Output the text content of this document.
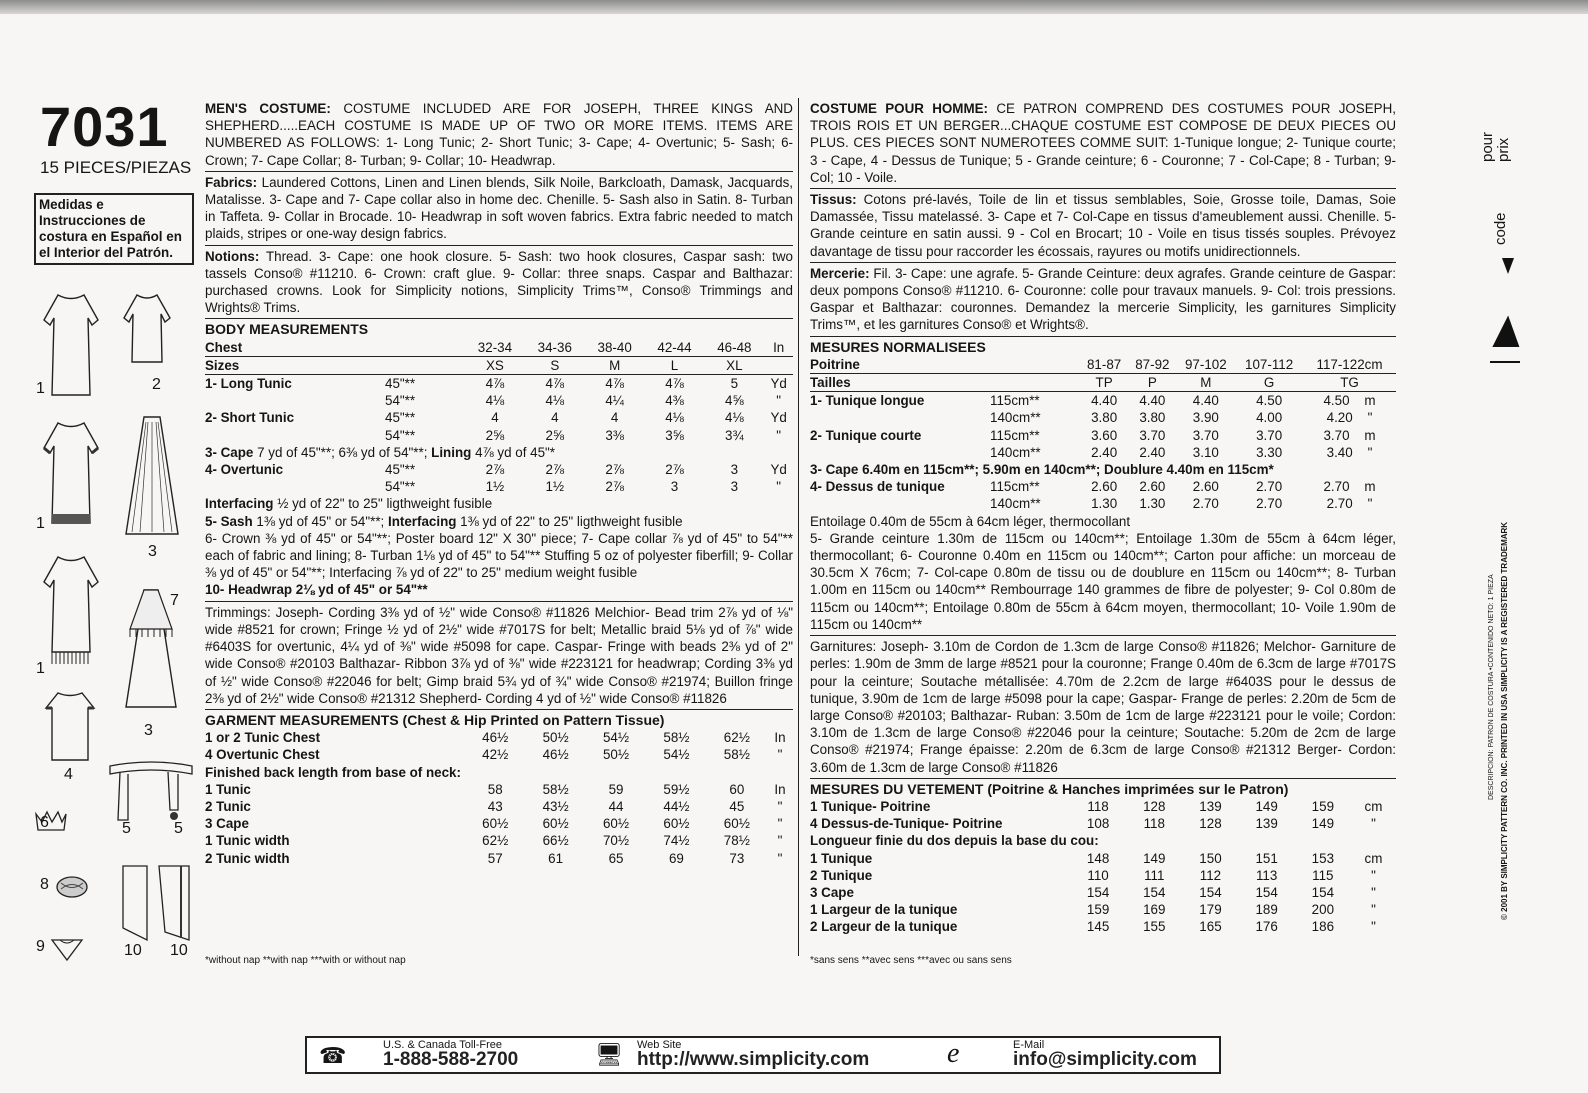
7031
15 PIECES/PIEZAS
Medidas e Instrucciones de costura en Español en el Interior del Patrón.
1	2
1
3
7
1
3
4
6	5	5
8
10 10
9

MEN'S COSTUME: COSTUME INCLUDED ARE FOR JOSEPH, THREE KINGS AND SHEPHERD.....EACH COSTUME IS MADE UP OF TWO OR MORE ITEMS. ITEMS ARE NUMBERED AS FOLLOWS: 1- Long Tunic; 2- Short Tunic; 3- Cape; 4- Overtunic; 5- Sash; 6- Crown; 7- Cape Collar; 8- Turban; 9- Collar; 10- Headwrap.

Fabrics: Laundered Cottons, Linen and Linen blends, Silk Noile, Barkcloath, Damask, Jacquards, Matalisse. 3- Cape and 7- Cape collar also in home dec. Chenille. 5- Sash also in Satin. 8- Turban in Taffeta. 9- Collar in Brocade. 10- Headwrap in soft woven fabrics. Extra fabric needed to match plaids, stripes or one-way design fabrics.

Notions: Thread. 3- Cape: one hook closure. 5- Sash: two hook closures, Caspar sash: two tassels Conso® #11210. 6- Crown: craft glue. 9- Collar: three snaps. Caspar and Balthazar: purchased crowns. Look for Simplicity notions, Simplicity Trims™, Conso® Trimmings and Wrights® Trims.

BODY MEASUREMENTS							
Chest		32-34	34-36	38-40	42-44	46-48	In
Sizes		XS	S	M	L	XL	
1- Long Tunic	45"**	4⅞	4⅞	4⅞	4⅞	5	Yd
	54"**	4⅛	4⅛	4¼	4⅜	4⅝	"
2- Short Tunic	45"**	4	4	4	4⅛	4⅛	Yd
	54"**	2⅝	2⅝	3⅜	3⅝	3¾	"
3- Cape 7 yd of 45"**; 6⅜ yd of 54"**; Lining 4⅞ yd of 45"*							
4- Overtunic	45"**	2⅞	2⅞	2⅞	2⅞	3	Yd
	54"**	1½	1½	2⅞	3	3	"

Interfacing ½ yd of 22" to 25" ligthweight fusible

5- Sash 1⅜ yd of 45" or 54"**; Interfacing 1⅜ yd of 22" to 25" ligthweight fusible

6- Crown ⅜ yd of 45" or 54"**; Poster board 12" X 30" piece; 7- Cape collar ⅞ yd of 45" to 54"** each of fabric and lining; 8- Turban 1⅛ yd of 45" to 54"** Stuffing 5 oz of polyester fiberfill; 9- Collar ⅜ yd of 45" or 54"**; Interfacing ⅞ yd of 22" to 25" medium weight fusible

10- Headwrap 2⅛ yd of 45" or 54"**

Trimmings: Joseph- Cording 3⅜ yd of ½" wide Conso® #11826 Melchior- Bead trim 2⅞ yd of ⅛" wide #8521 for crown; Fringe ½ yd of 2½" wide #7017S for belt; Metallic braid 5⅛ yd of ⅞" wide #6403S for overtunic, 4¼ yd of ⅜" wide #5098 for cape. Caspar- Fringe with beads 2⅜ yd of 2" wide Conso® #20103 Balthazar- Ribbon 3⅞ yd of ⅜" wide #223121 for headwrap; Cording 3⅜ yd of ½" wide Conso® #22046 for belt; Gimp braid 5¾ yd of ¾" wide Conso® #21974; Buillon fringe 2⅜ yd of 2½" wide Conso® #21312 Shepherd- Cording 4 yd of ½" wide Conso® #11826

GARMENT MEASUREMENTS (Chest & Hip Printed on Pattern Tissue)						
1 or 2 Tunic Chest	46½	50½	54½	58½	62½	In
4 Overtunic Chest	42½	46½	50½	54½	58½	"
Finished back length from base of neck:						
1 Tunic	58	58½	59	59½	60	In
2 Tunic	43	43½	44	44½	45	"
3 Cape	60½	60½	60½	60½	60½	"
1 Tunic width	62½	66½	70½	74½	78½	"
2 Tunic width	57	61	65	69	73	"
*without nap **with nap ***with or without nap

COSTUME POUR HOMME: CE PATRON COMPREND DES COSTUMES POUR JOSEPH, TROIS ROIS ET UN BERGER...CHAQUE COSTUME EST COMPOSE DE DEUX PIECES OU PLUS. CES PIECES SONT NUMEROTEES COMME SUIT: 1-Tunique longue; 2- Tunique courte; 3 - Cape, 4 - Dessus de Tunique; 5 - Grande ceinture; 6 - Couronne; 7 - Col-Cape; 8 - Turban; 9- Col; 10 - Voile.

Tissus: Cotons pré-lavés, Toile de lin et tissus semblables, Soie, Grosse toile, Damas, Soie Damassée, Tissu matelassé. 3- Cape et 7- Col-Cape en tissus d'ameublement aussi. Chenille. 5- Grande ceinture en satin aussi. 9 - Col en Brocart; 10 - Voile en tisus tissés souples. Prévoyez davantage de tissu pour raccorder les écossais, rayures ou motifs unidirectionnels.

Mercerie: Fil. 3- Cape: une agrafe. 5- Grande Ceinture: deux agrafes. Grande ceinture de Gaspar: deux pompons Conso® #11210. 6- Couronne: colle pour travaux manuels. 9- Col: trois pressions. Gaspar et Balthazar: couronnes. Demandez la mercerie Simplicity, les garnitures Simplicity Trims™, et les garnitures Conso® et Wrights®.

MESURES NORMALISEES						
Poitrine		81-87	87-92	97-102	107-112	117-122cm
Tailles		TP	P	M	G	TG
1- Tunique longue	115cm**	4.40	4.40	4.40	4.50	4.50 m
	140cm**	3.80	3.80	3.90	4.00	4.20 "
2- Tunique courte	115cm**	3.60	3.70	3.70	3.70	3.70 m
	140cm**	2.40	2.40	3.10	3.30	3.40 "
3- Cape 6.40m en 115cm**; 5.90m en 140cm**; Doublure 4.40m en 115cm*						
4- Dessus de tunique	115cm**	2.60	2.60	2.60	2.70	2.70 m
	140cm**	1.30	1.30	2.70	2.70	2.70 "

Entoilage 0.40m de 55cm à 64cm léger, thermocollant

5- Grande ceinture 1.30m de 115cm ou 140cm**; Entoilage 1.30m de 55cm à 64cm léger, thermocollant; 6- Couronne 0.40m en 115cm ou 140cm**; Carton pour affiche: un morceau de 30.5cm X 76cm; 7- Col-cape 0.80m de tissu ou de doublure en 115cm ou 140cm**; 8- Turban 1.00m en 115cm ou 140cm** Rembourrage 140 grammes de fibre de polyester; 9- Col 0.80m de 115cm ou 140cm**; Entoilage 0.80m de 55cm à 64cm moyen, thermocollant; 10- Voile 1.90m de 115cm ou 140cm**

Garnitures: Joseph- 3.10m de Cordon de 1.3cm de large Conso® #11826; Melchor- Garniture de perles: 1.90m de 3mm de large #8521 pour la couronne; Frange 0.40m de 6.3cm de large #7017S pour la ceinture; Soutache métallisée: 4.70m de 2.2cm de large #6403S pour le dessus de tunique, 3.90m de 1cm de large #5098 pour la cape; Gaspar- Frange de perles: 2.20m de 5cm de large Conso® #20103; Balthazar- Ruban: 3.50m de 1cm de large #223121 pour le voile; Cordon: 3.10m de 1.3cm de large Conso® #22046 pour la ceinture; Soutache: 5.20m de 2cm de large Conso® #21974; Frange épaisse: 2.20m de 6.3cm de large Conso® #21312 Berger- Cordon: 3.60m de 1.3cm de large Conso® #11826

MESURES DU VETEMENT (Poitrine & Hanches imprimées sur le Patron)						
1 Tunique- Poitrine	118	128	139	149	159	cm
4 Dessus-de-Tunique- Poitrine	108	118	128	139	149	"
Longueur finie du dos depuis la base du cou:						
1 Tunique	148	149	150	151	153	cm
2 Tunique	110	111	112	113	115	"
3 Cape	154	154	154	154	154	"
1 Largeur de la tunique	159	169	179	189	200	"
2 Largeur de la tunique	145	155	165	176	186	"
*sans sens **avec sens ***avec ou sans sens
code
pour prix
© 2001 BY SIMPLICITY PATTERN CO. INC. PRINTED IN USA SIMPLICITY IS A REGISTERED TRADEMARK
DESCRIPCION: PATRON DE COSTURA •CONTENIDO NETO: 1 PIEZA
☎	U.S. & Canada Toll-Free
1-888-588-2700	🖥 Web Site
http://www.simplicity.com	e	E-Mail
info@simplicity.com
